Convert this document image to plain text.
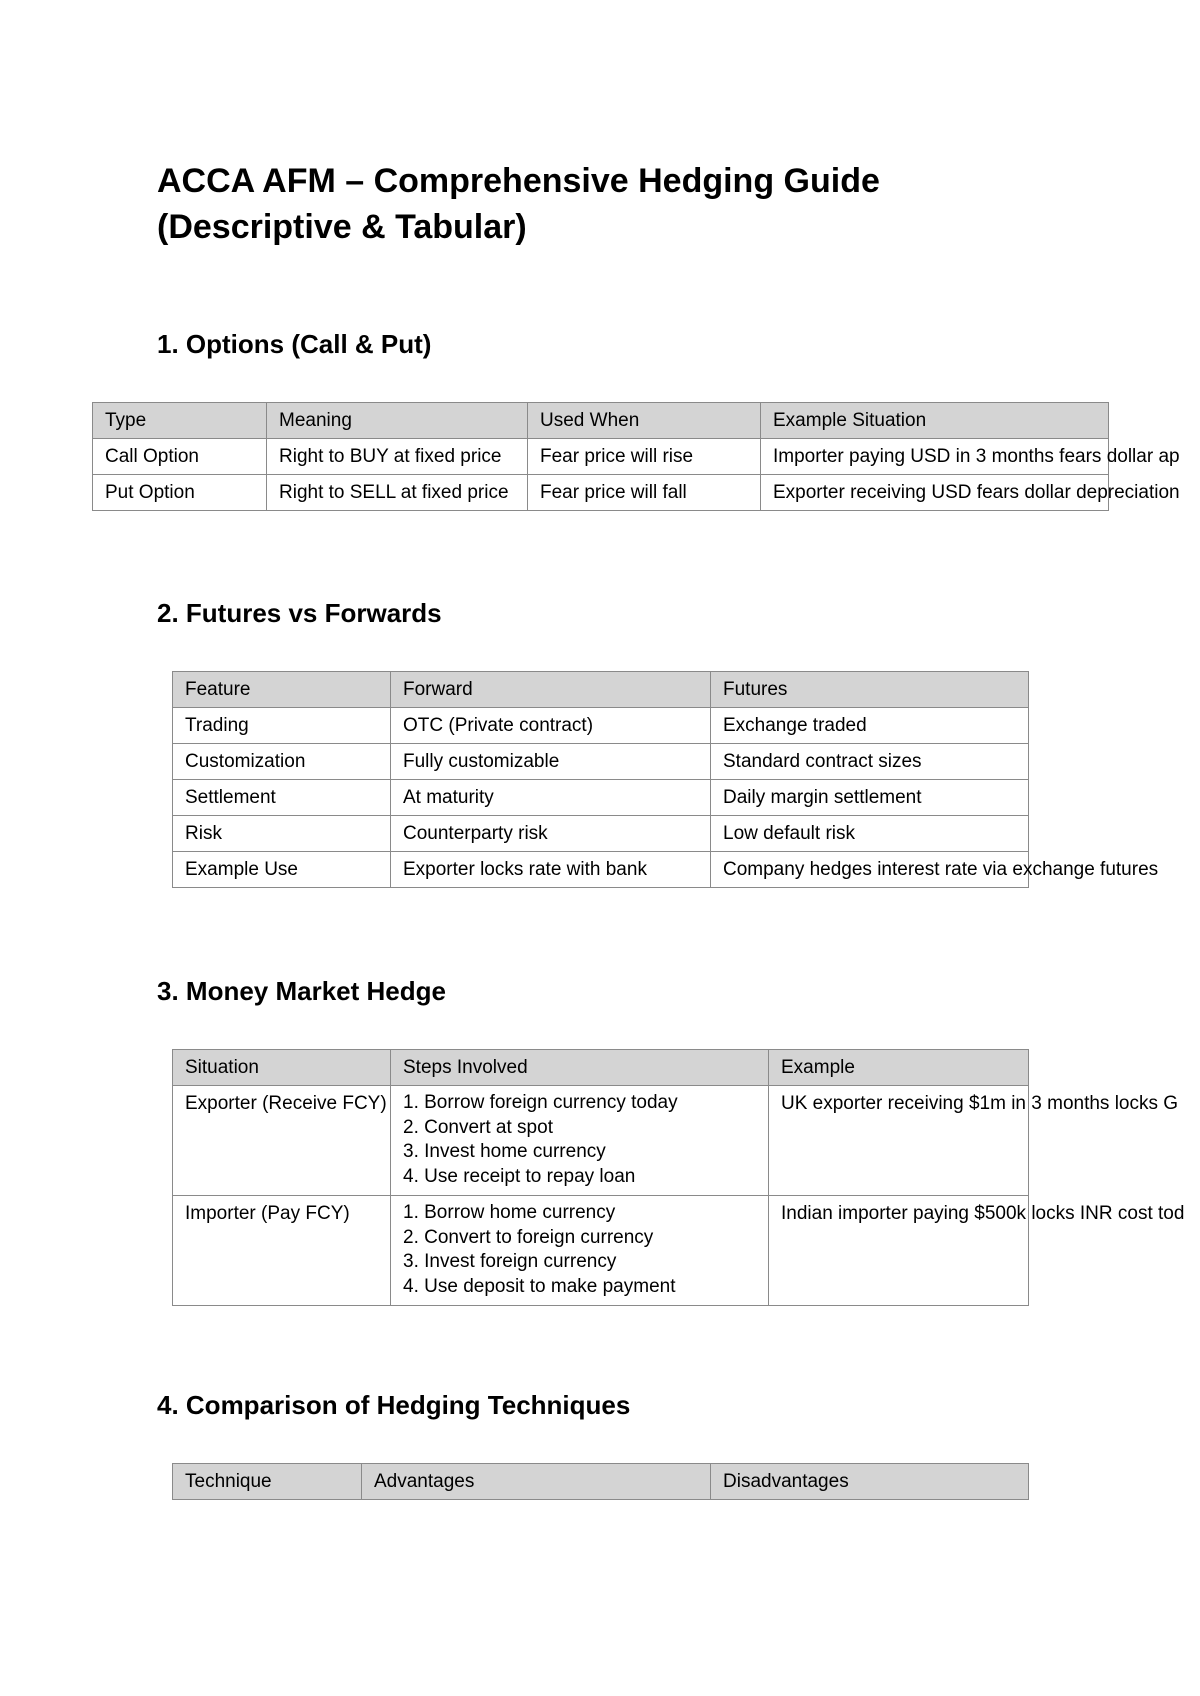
ACCA AFM – Comprehensive Hedging Guide
(Descriptive & Tabular)
1. Options (Call & Put)
Type	Meaning	Used When	Example Situation
Call Option	Right to BUY at fixed price	Fear price will rise	Importer paying USD in 3 months fears dollar ap
Put Option	Right to SELL at fixed price	Fear price will fall	Exporter receiving USD fears dollar depreciation
2. Futures vs Forwards
Feature	Forward	Futures
Trading	OTC (Private contract)	Exchange traded
Customization	Fully customizable	Standard contract sizes
Settlement	At maturity	Daily margin settlement
Risk	Counterparty risk	Low default risk
Example Use	Exporter locks rate with bank	Company hedges interest rate via exchange futures
3. Money Market Hedge
Situation	Steps Involved	Example
Exporter (Receive FCY)	1. Borrow foreign currency today
2. Convert at spot
3. Invest home currency
4. Use receipt to repay loan	UK exporter receiving $1m in 3 months locks G
Importer (Pay FCY)	1. Borrow home currency
2. Convert to foreign currency
3. Invest foreign currency
4. Use deposit to make payment	Indian importer paying $500k locks INR cost tod
4. Comparison of Hedging Techniques
Technique	Advantages	Disadvantages
